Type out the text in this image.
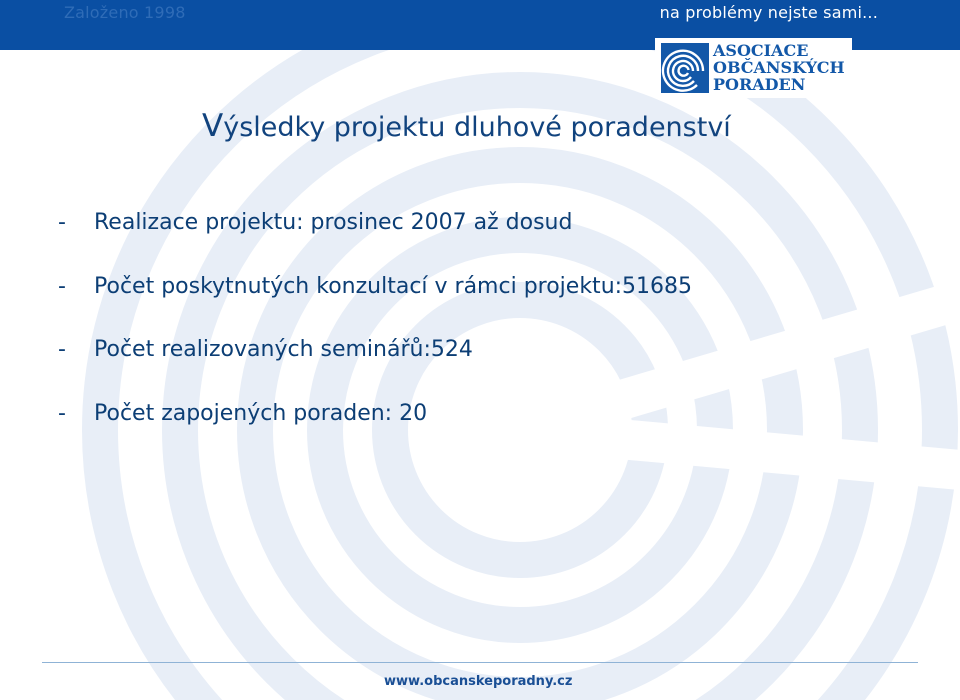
Založeno 1998	na problémy nejste sami...
ASOCIACE
OBČANSKÝCH
PORADEN
Výsledky projektu dluhové poradenství
-	Realizace projektu: prosinec 2007 až dosud
-	Počet poskytnutých konzultací v rámci projektu:51685
-	Počet realizovaných seminářů:524
-	Počet zapojených poraden: 20
www.obcanskeporadny.cz
